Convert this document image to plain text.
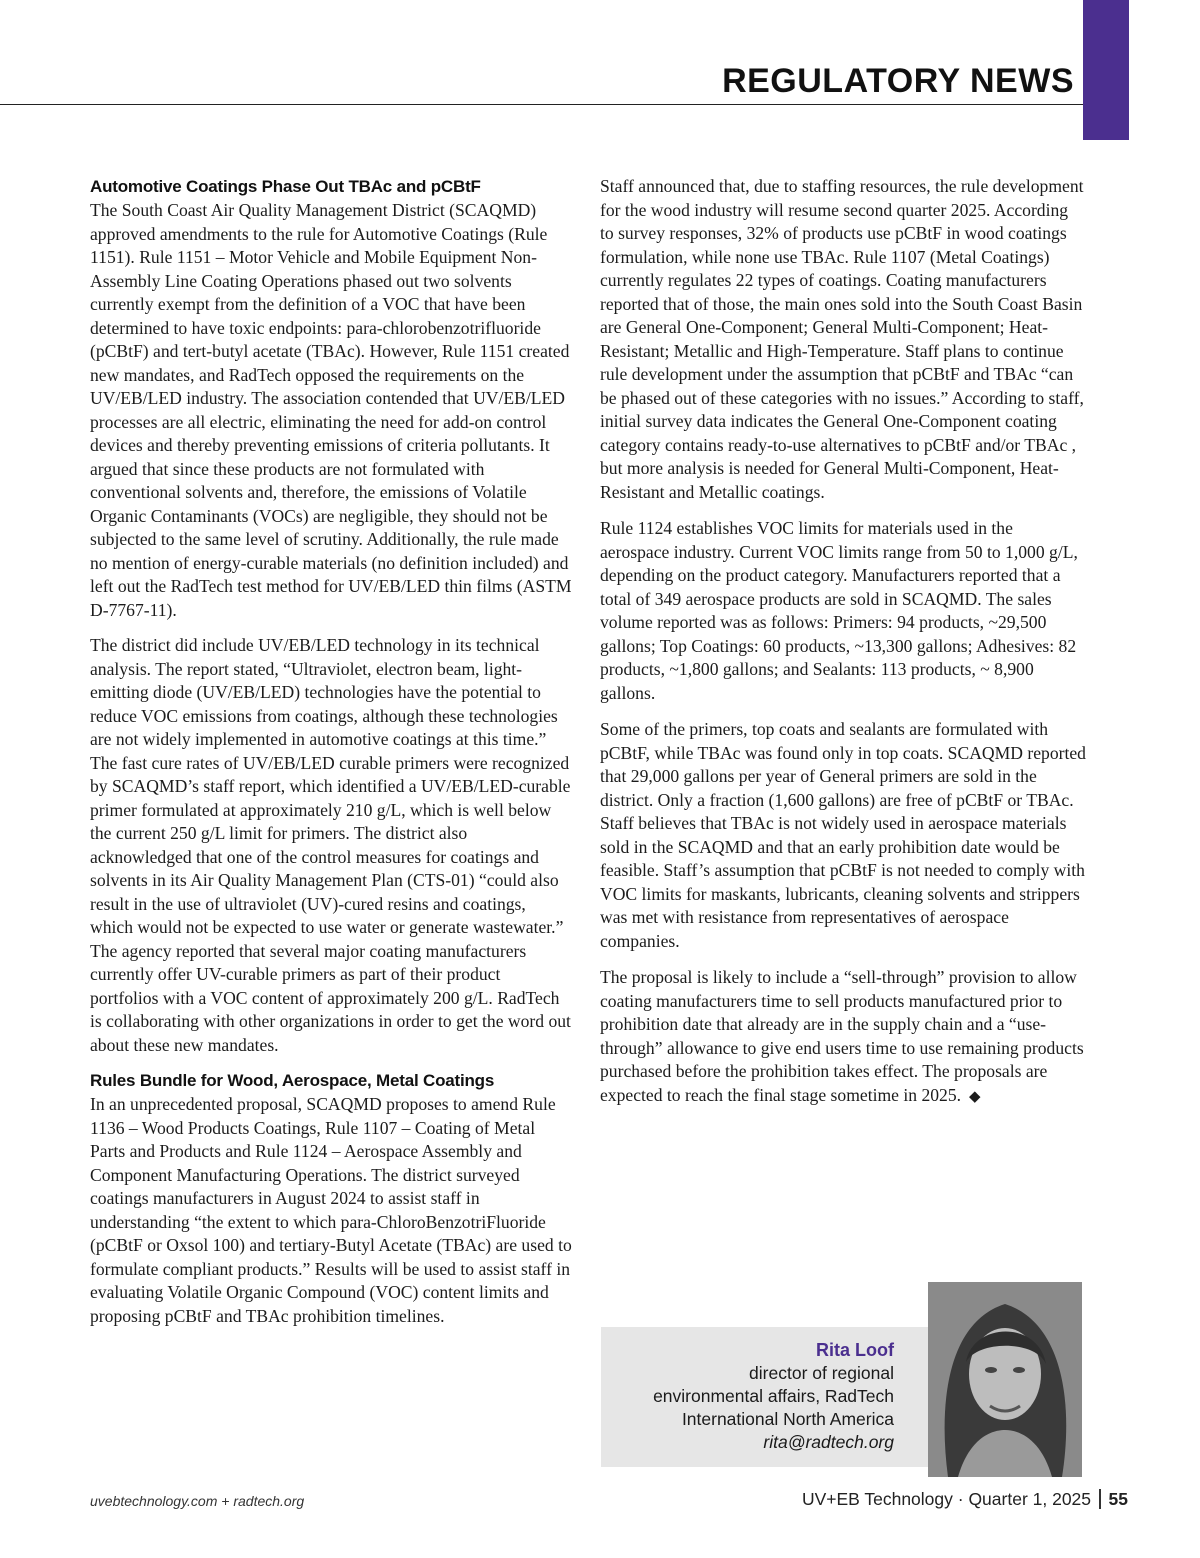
REGULATORY NEWS
Automotive Coatings Phase Out TBAc and pCBtF

The South Coast Air Quality Management District (SCAQMD) approved amendments to the rule for Automotive Coatings (Rule 1151). Rule 1151 – Motor Vehicle and Mobile Equipment Non-Assembly Line Coating Operations phased out two solvents currently exempt from the definition of a VOC that have been determined to have toxic endpoints: para-chlorobenzotrifluoride (pCBtF) and tert-butyl acetate (TBAc). However, Rule 1151 created new mandates, and RadTech opposed the requirements on the UV/EB/LED industry. The association contended that UV/EB/LED processes are all electric, eliminating the need for add-on control devices and thereby preventing emissions of criteria pollutants. It argued that since these products are not formulated with conventional solvents and, therefore, the emissions of Volatile Organic Contaminants (VOCs) are negligible, they should not be subjected to the same level of scrutiny. Additionally, the rule made no mention of energy-curable materials (no definition included) and left out the RadTech test method for UV/EB/LED thin films (ASTM D-7767-11).

The district did include UV/EB/LED technology in its technical analysis. The report stated, “Ultraviolet, electron beam, light-emitting diode (UV/EB/LED) technologies have the potential to reduce VOC emissions from coatings, although these technologies are not widely implemented in automotive coatings at this time.” The fast cure rates of UV/EB/LED curable primers were recognized by SCAQMD’s staff report, which identified a UV/EB/LED-curable primer formulated at approximately 210 g/L, which is well below the current 250 g/L limit for primers. The district also acknowledged that one of the control measures for coatings and solvents in its Air Quality Management Plan (CTS-01) “could also result in the use of ultraviolet (UV)-cured resins and coatings, which would not be expected to use water or generate wastewater.” The agency reported that several major coating manufacturers currently offer UV-curable primers as part of their product portfolios with a VOC content of approximately 200 g/L. RadTech is collaborating with other organizations in order to get the word out about these new mandates.

Rules Bundle for Wood, Aerospace, Metal Coatings

In an unprecedented proposal, SCAQMD proposes to amend Rule 1136 – Wood Products Coatings, Rule 1107 – Coating of Metal Parts and Products and Rule 1124 – Aerospace Assembly and Component Manufacturing Operations. The district surveyed coatings manufacturers in August 2024 to assist staff in understanding “the extent to which para-ChloroBenzotriFluoride (pCBtF or Oxsol 100) and tertiary-Butyl Acetate (TBAc) are used to formulate compliant products.” Results will be used to assist staff in evaluating Volatile Organic Compound (VOC) content limits and proposing pCBtF and TBAc prohibition timelines.

Staff announced that, due to staffing resources, the rule development for the wood industry will resume second quarter 2025. According to survey responses, 32% of products use pCBtF in wood coatings formulation, while none use TBAc. Rule 1107 (Metal Coatings) currently regulates 22 types of coatings. Coating manufacturers reported that of those, the main ones sold into the South Coast Basin are General One-Component; General Multi-Component; Heat-Resistant; Metallic and High-Temperature. Staff plans to continue rule development under the assumption that pCBtF and TBAc “can be phased out of these categories with no issues.” According to staff, initial survey data indicates the General One-Component coating category contains ready-to-use alternatives to pCBtF and/or TBAc , but more analysis is needed for General Multi-Component, Heat-Resistant and Metallic coatings.

Rule 1124 establishes VOC limits for materials used in the aerospace industry. Current VOC limits range from 50 to 1,000 g/L, depending on the product category. Manufacturers reported that a total of 349 aerospace products are sold in SCAQMD. The sales volume reported was as follows: Primers: 94 products, ~29,500 gallons; Top Coatings: 60 products, ~13,300 gallons; Adhesives: 82 products, ~1,800 gallons; and Sealants: 113 products, ~ 8,900 gallons.

Some of the primers, top coats and sealants are formulated with pCBtF, while TBAc was found only in top coats. SCAQMD reported that 29,000 gallons per year of General primers are sold in the district. Only a fraction (1,600 gallons) are free of pCBtF or TBAc. Staff believes that TBAc is not widely used in aerospace materials sold in the SCAQMD and that an early prohibition date would be feasible. Staff’s assumption that pCBtF is not needed to comply with VOC limits for maskants, lubricants, cleaning solvents and strippers was met with resistance from representatives of aerospace companies.

The proposal is likely to include a “sell-through” provision to allow coating manufacturers time to sell products manufactured prior to prohibition date that already are in the supply chain and a “use-through” allowance to give end users time to use remaining products purchased before the prohibition takes effect. The proposals are expected to reach the final stage sometime in 2025. ◆

Rita Loof
director of regional
environmental affairs, RadTech
International North America
rita@radtech.org
uvebtechnology.com + radtech.org	UV+EB Technology · Quarter 1, 2025 55
